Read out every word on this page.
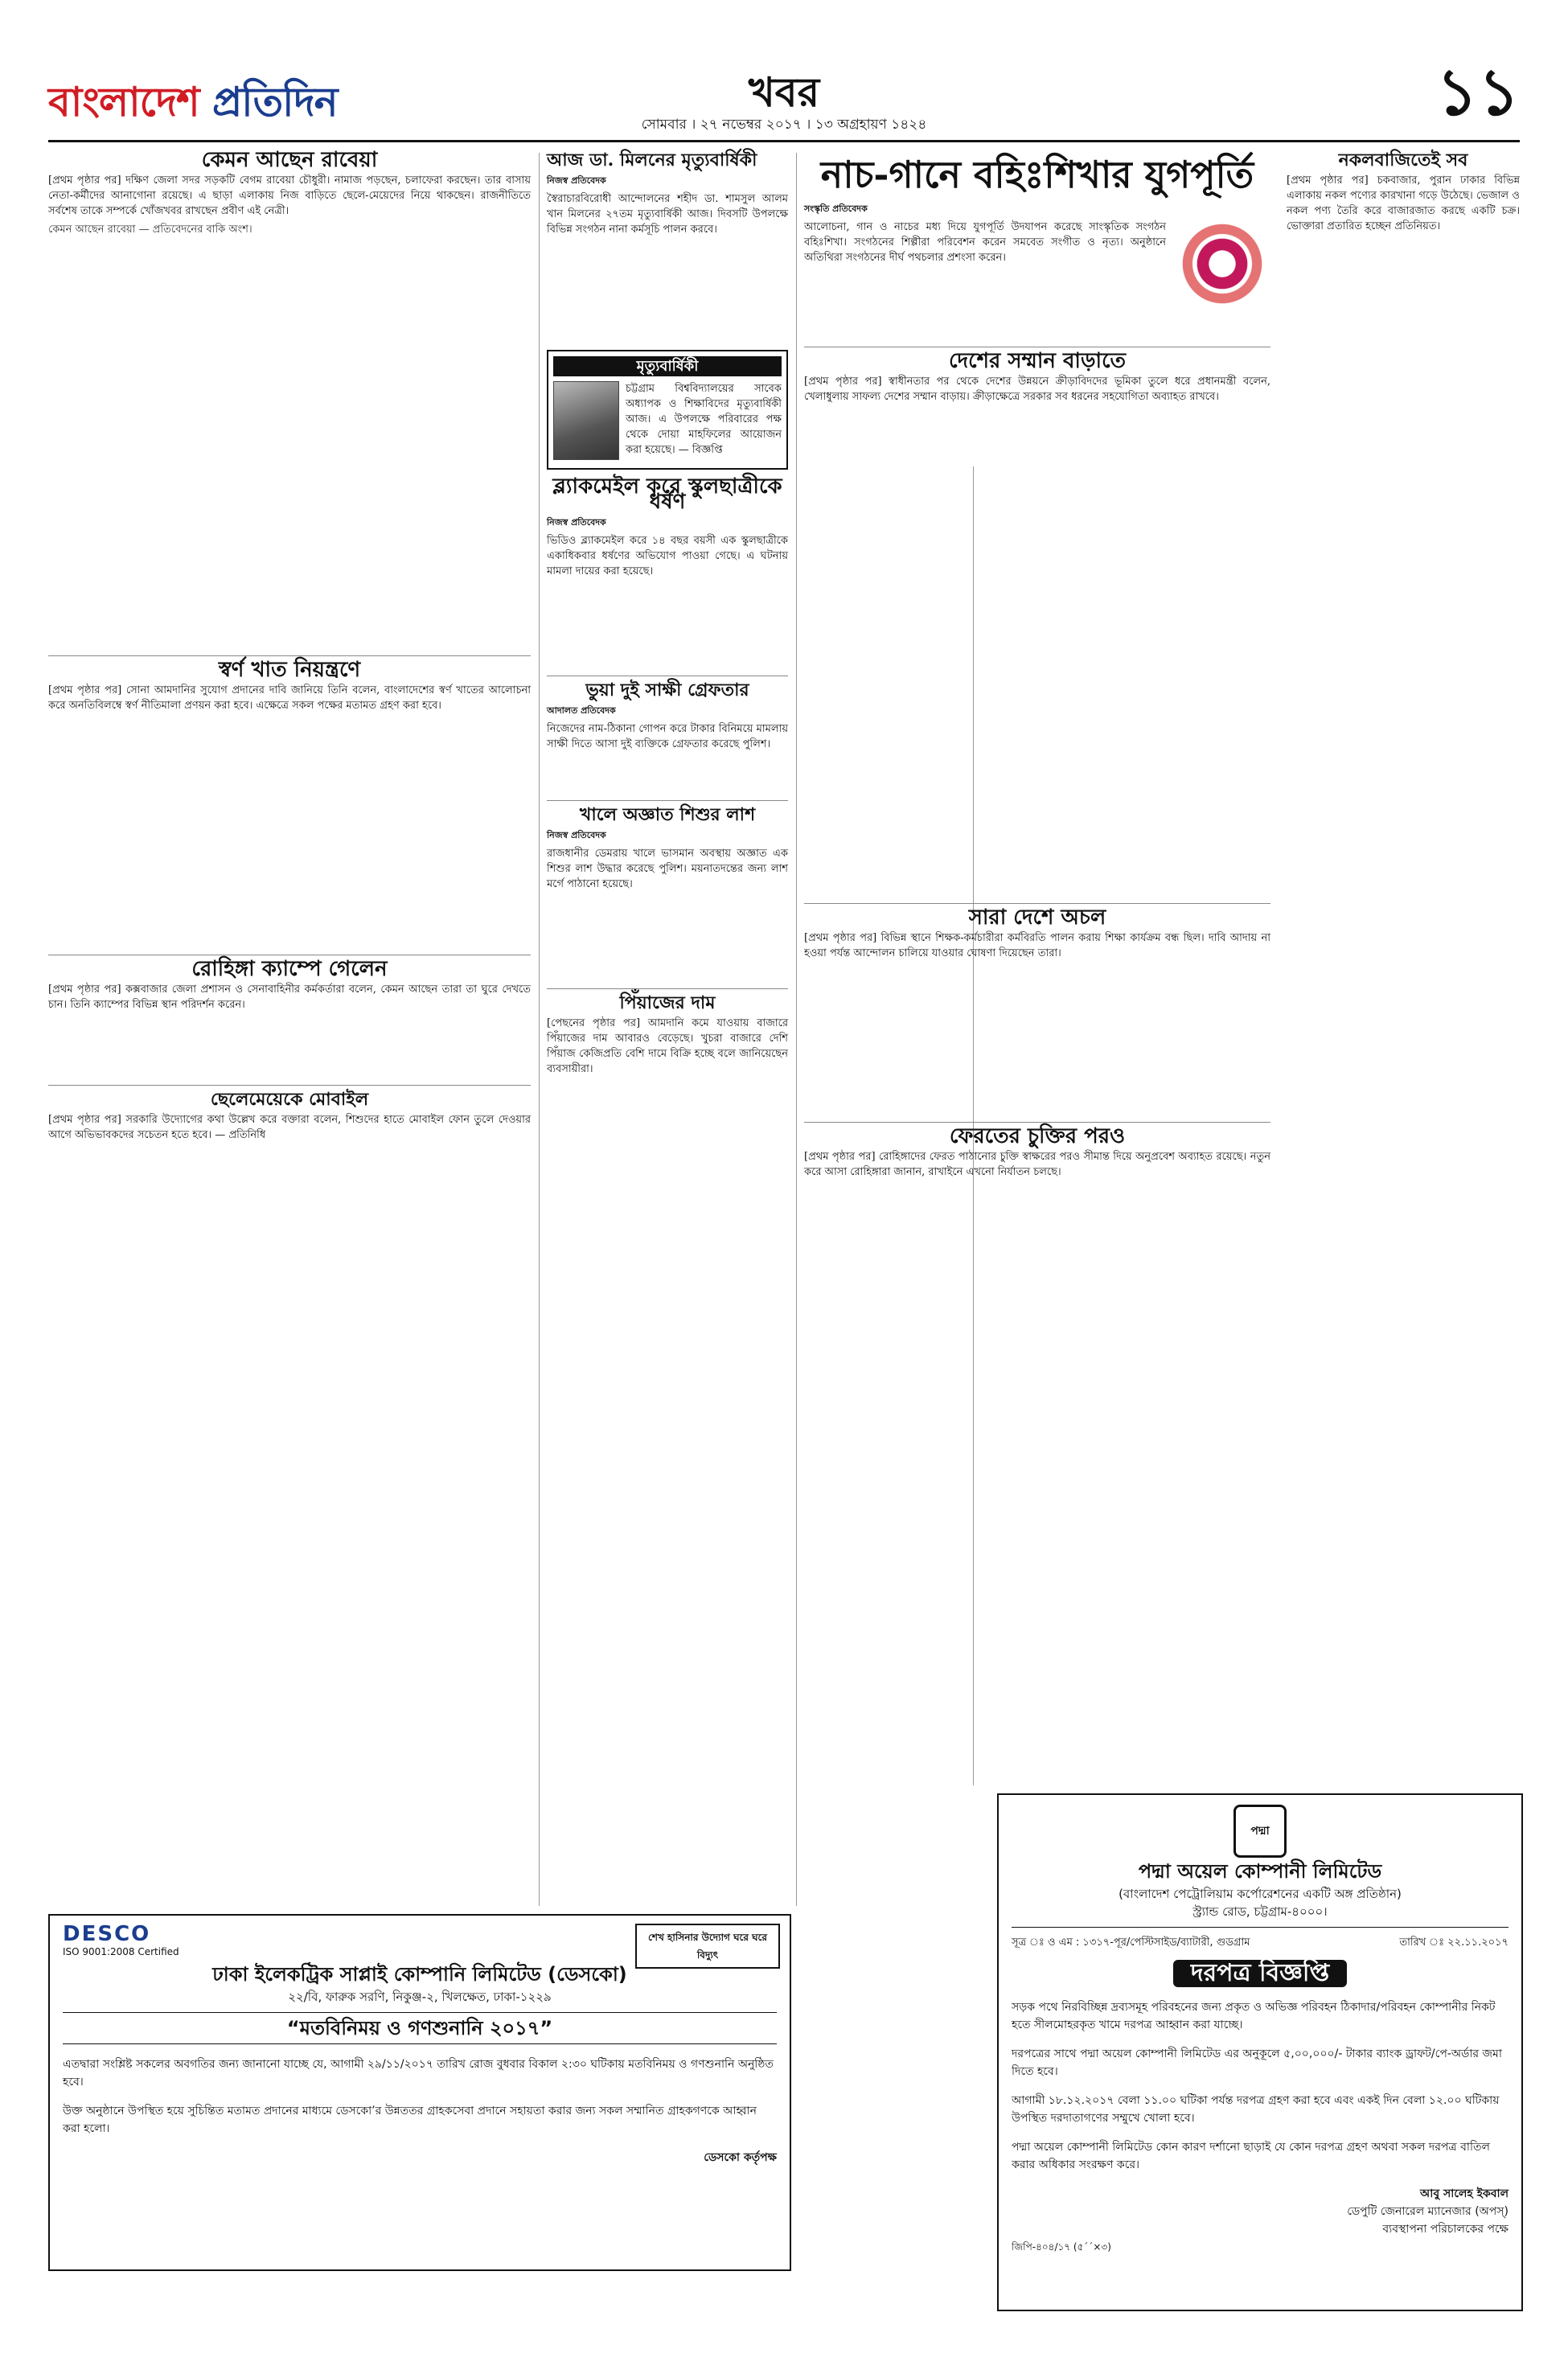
বাংলাদেশ প্রতিদিন	খবর
সোমবার । ২৭ নভেম্বর ২০১৭ । ১৩ অগ্রহায়ণ ১৪২৪	১১
কেমন আছেন রাবেয়া

[প্রথম পৃষ্ঠার পর] দক্ষিণ জেলা সদর সড়কটি বেগম রাবেয়া চৌধুরী। নামাজ পড়ছেন, চলাফেরা করছেন। তার বাসায় নেতা-কর্মীদের আনাগোনা রয়েছে। এ ছাড়া এলাকায় নিজ বাড়িতে ছেলে-মেয়েদের নিয়ে থাকছেন। রাজনীতিতে সর্বশেষ তাকে সম্পর্কে খোঁজখবর রাখছেন প্রবীণ এই নেত্রী।

কেমন আছেন রাবেয়া — প্রতিবেদনের বাকি অংশ।

স্বর্ণ খাত নিয়ন্ত্রণে

[প্রথম পৃষ্ঠার পর] সোনা আমদানির সুযোগ প্রদানের দাবি জানিয়ে তিনি বলেন, বাংলাদেশের স্বর্ণ খাতের আলোচনা করে অনতিবিলম্বে স্বর্ণ নীতিমালা প্রণয়ন করা হবে। এক্ষেত্রে সকল পক্ষের মতামত গ্রহণ করা হবে।

রোহিঙ্গা ক্যাম্পে গেলেন

[প্রথম পৃষ্ঠার পর] কক্সবাজার জেলা প্রশাসন ও সেনাবাহিনীর কর্মকর্তারা বলেন, কেমন আছেন তারা তা ঘুরে দেখতে চান। তিনি ক্যাম্পের বিভিন্ন স্থান পরিদর্শন করেন।

ছেলেমেয়েকে মোবাইল

[প্রথম পৃষ্ঠার পর] সরকারি উদ্যোগের কথা উল্লেখ করে বক্তারা বলেন, শিশুদের হাতে মোবাইল ফোন তুলে দেওয়ার আগে অভিভাবকদের সচেতন হতে হবে। — প্রতিনিধি

আজ ডা. মিলনের মৃত্যুবার্ষিকী
নিজস্ব প্রতিবেদক

স্বৈরাচারবিরোধী আন্দোলনের শহীদ ডা. শামসুল আলম খান মিলনের ২৭তম মৃত্যুবার্ষিকী আজ। দিবসটি উপলক্ষে বিভিন্ন সংগঠন নানা কর্মসূচি পালন করবে।

মৃত্যুবার্ষিকী

চট্টগ্রাম বিশ্ববিদ্যালয়ের সাবেক অধ্যাপক ও শিক্ষাবিদের মৃত্যুবার্ষিকী আজ। এ উপলক্ষে পরিবারের পক্ষ থেকে দোয়া মাহফিলের আয়োজন করা হয়েছে। — বিজ্ঞপ্তি

ব্ল্যাকমেইল করে স্কুলছাত্রীকে ধর্ষণ
নিজস্ব প্রতিবেদক

ভিডিও ব্ল্যাকমেইল করে ১৪ বছর বয়সী এক স্কুলছাত্রীকে একাধিকবার ধর্ষণের অভিযোগ পাওয়া গেছে। এ ঘটনায় মামলা দায়ের করা হয়েছে।

ভুয়া দুই সাক্ষী গ্রেফতার
আদালত প্রতিবেদক

নিজেদের নাম-ঠিকানা গোপন করে টাকার বিনিময়ে মামলায় সাক্ষী দিতে আসা দুই ব্যক্তিকে গ্রেফতার করেছে পুলিশ।

খালে অজ্ঞাত শিশুর লাশ
নিজস্ব প্রতিবেদক

রাজধানীর ডেমরায় খালে ভাসমান অবস্থায় অজ্ঞাত এক শিশুর লাশ উদ্ধার করেছে পুলিশ। ময়নাতদন্তের জন্য লাশ মর্গে পাঠানো হয়েছে।

পিঁয়াজের দাম

[পেছনের পৃষ্ঠার পর] আমদানি কমে যাওয়ায় বাজারে পিঁয়াজের দাম আবারও বেড়েছে। খুচরা বাজারে দেশি পিঁয়াজ কেজিপ্রতি বেশি দামে বিক্রি হচ্ছে বলে জানিয়েছেন ব্যবসায়ীরা।

নাচ-গানে বহিঃশিখার যুগপূর্তি
সংস্কৃতি প্রতিবেদক

আলোচনা, গান ও নাচের মধ্য দিয়ে যুগপূর্তি উদযাপন করেছে সাংস্কৃতিক সংগঠন বহিঃশিখা। সংগঠনের শিল্পীরা পরিবেশন করেন সমবেত সংগীত ও নৃত্য। অনুষ্ঠানে অতিথিরা সংগঠনের দীর্ঘ পথচলার প্রশংসা করেন।

দেশের সম্মান বাড়াতে

[প্রথম পৃষ্ঠার পর] স্বাধীনতার পর থেকে দেশের উন্নয়নে ক্রীড়াবিদদের ভূমিকা তুলে ধরে প্রধানমন্ত্রী বলেন, খেলাধুলায় সাফল্য দেশের সম্মান বাড়ায়। ক্রীড়াক্ষেত্রে সরকার সব ধরনের সহযোগিতা অব্যাহত রাখবে।

সারা দেশে অচল

[প্রথম পৃষ্ঠার পর] বিভিন্ন স্থানে শিক্ষক-কর্মচারীরা কর্মবিরতি পালন করায় শিক্ষা কার্যক্রম বন্ধ ছিল। দাবি আদায় না হওয়া পর্যন্ত আন্দোলন চালিয়ে যাওয়ার ঘোষণা দিয়েছেন তারা।

ফেরতের চুক্তির পরও

[প্রথম পৃষ্ঠার পর] রোহিঙ্গাদের ফেরত পাঠানোর চুক্তি স্বাক্ষরের পরও সীমান্ত দিয়ে অনুপ্রবেশ অব্যাহত রয়েছে। নতুন করে আসা রোহিঙ্গারা জানান, রাখাইনে এখনো নির্যাতন চলছে।

নকলবাজিতেই সব

[প্রথম পৃষ্ঠার পর] চকবাজার, পুরান ঢাকার বিভিন্ন এলাকায় নকল পণ্যের কারখানা গড়ে উঠেছে। ভেজাল ও নকল পণ্য তৈরি করে বাজারজাত করছে একটি চক্র। ভোক্তারা প্রতারিত হচ্ছেন প্রতিনিয়ত।

DESCO
ISO 9001:2008 Certified
শেখ হাসিনার উদ্যোগ ঘরে ঘরে বিদ্যুৎ
ঢাকা ইলেকট্রিক সাপ্লাই কোম্পানি লিমিটেড (ডেসকো)
২২/বি, ফারুক সরণি, নিকুঞ্জ-২, খিলক্ষেত, ঢাকা-১২২৯
“মতবিনিময় ও গণশুনানি ২০১৭”

এতদ্বারা সংশ্লিষ্ট সকলের অবগতির জন্য জানানো যাচ্ছে যে, আগামী ২৯/১১/২০১৭ তারিখ রোজ বুধবার বিকাল ২:৩০ ঘটিকায় মতবিনিময় ও গণশুনানি অনুষ্ঠিত হবে।

উক্ত অনুষ্ঠানে উপস্থিত হয়ে সুচিন্তিত মতামত প্রদানের মাধ্যমে ডেসকো’র উন্নততর গ্রাহকসেবা প্রদানে সহায়তা করার জন্য সকল সম্মানিত গ্রাহকগণকে আহ্বান করা হলো।

ডেসকো কর্তৃপক্ষ
পদ্মা
পদ্মা অয়েল কোম্পানী লিমিটেড
(বাংলাদেশ পেট্রোলিয়াম কর্পোরেশনের একটি অঙ্গ প্রতিষ্ঠান)
স্ট্র্যান্ড রোড, চট্টগ্রাম-৪০০০।
সূত্র ঃ ও এম : ১৩১৭-পূর/পেস্টিসাইড/ব্যাটারী, গুডগ্রাম	তারিখ ঃ ২২.১১.২০১৭
দরপত্র বিজ্ঞপ্তি

সড়ক পথে নিরবিচ্ছিন্ন দ্রব্যসমূহ পরিবহনের জন্য প্রকৃত ও অভিজ্ঞ পরিবহন ঠিকাদার/পরিবহন কোম্পানীর নিকট হতে সীলমোহরকৃত খামে দরপত্র আহ্বান করা যাচ্ছে।

দরপত্রের সাথে পদ্মা অয়েল কোম্পানী লিমিটেড এর অনুকূলে ৫,০০,০০০/- টাকার ব্যাংক ড্রাফট/পে-অর্ডার জমা দিতে হবে।

আগামী ১৮.১২.২০১৭ বেলা ১১.০০ ঘটিকা পর্যন্ত দরপত্র গ্রহণ করা হবে এবং একই দিন বেলা ১২.০০ ঘটিকায় উপস্থিত দরদাতাগণের সম্মুখে খোলা হবে।

পদ্মা অয়েল কোম্পানী লিমিটেড কোন কারণ দর্শানো ছাড়াই যে কোন দরপত্র গ্রহণ অথবা সকল দরপত্র বাতিল করার অধিকার সংরক্ষণ করে।

আবু সালেহ ইকবাল
ডেপুটি জেনারেল ম্যানেজার (অপস্‌)
ব্যবস্থাপনা পরিচালকের পক্ষে
জিপি-৪০৪/১৭ (৫´´×৩)
